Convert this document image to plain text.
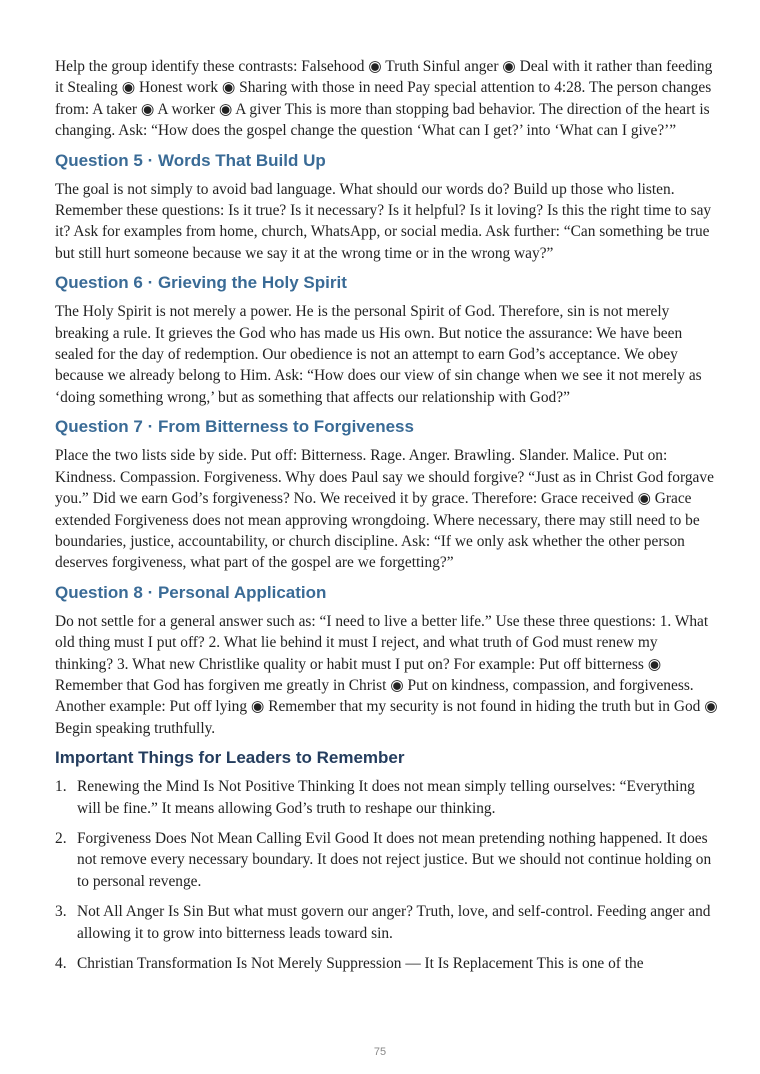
Help the group identify these contrasts: Falsehood ◉ Truth Sinful anger ◉ Deal with it rather than feeding it Stealing ◉ Honest work ◉ Sharing with those in need Pay special attention to 4:28. The person changes from: A taker ◉ A worker ◉ A giver This is more than stopping bad behavior. The direction of the heart is changing. Ask: “How does the gospel change the question ‘What can I get?’ into ‘What can I give?’”

Question 5 · Words That Build Up

The goal is not simply to avoid bad language. What should our words do? Build up those who listen. Remember these questions: Is it true? Is it necessary? Is it helpful? Is it loving? Is this the right time to say it? Ask for examples from home, church, WhatsApp, or social media. Ask further: “Can something be true but still hurt someone because we say it at the wrong time or in the wrong way?”

Question 6 · Grieving the Holy Spirit

The Holy Spirit is not merely a power. He is the personal Spirit of God. Therefore, sin is not merely breaking a rule. It grieves the God who has made us His own. But notice the assurance: We have been sealed for the day of redemption. Our obedience is not an attempt to earn God’s acceptance. We obey because we already belong to Him. Ask: “How does our view of sin change when we see it not merely as ‘doing something wrong,’ but as something that affects our relationship with God?”

Question 7 · From Bitterness to Forgiveness

Place the two lists side by side. Put off: Bitterness. Rage. Anger. Brawling. Slander. Malice. Put on: Kindness. Compassion. Forgiveness. Why does Paul say we should forgive? “Just as in Christ God forgave you.” Did we earn God’s forgiveness? No. We received it by grace. Therefore: Grace received ◉ Grace extended Forgiveness does not mean approving wrongdoing. Where necessary, there may still need to be boundaries, justice, accountability, or church discipline. Ask: “If we only ask whether the other person deserves forgiveness, what part of the gospel are we forgetting?”

Question 8 · Personal Application

Do not settle for a general answer such as: “I need to live a better life.” Use these three questions: 1. What old thing must I put off? 2. What lie behind it must I reject, and what truth of God must renew my thinking? 3. What new Christlike quality or habit must I put on? For example: Put off bitterness ◉ Remember that God has forgiven me greatly in Christ ◉ Put on kindness, compassion, and forgiveness. Another example: Put off lying ◉ Remember that my security is not found in hiding the truth but in God ◉ Begin speaking truthfully.

Important Things for Leaders to Remember
1. Renewing the Mind Is Not Positive Thinking It does not mean simply telling ourselves: “Everything will be fine.” It means allowing God’s truth to reshape our thinking.
2. Forgiveness Does Not Mean Calling Evil Good It does not mean pretending nothing happened. It does not remove every necessary boundary. It does not reject justice. But we should not continue holding on to personal revenge.
3. Not All Anger Is Sin But what must govern our anger? Truth, love, and self-control. Feeding anger and allowing it to grow into bitterness leads toward sin.
4. Christian Transformation Is Not Merely Suppression — It Is Replacement This is one of the
75
